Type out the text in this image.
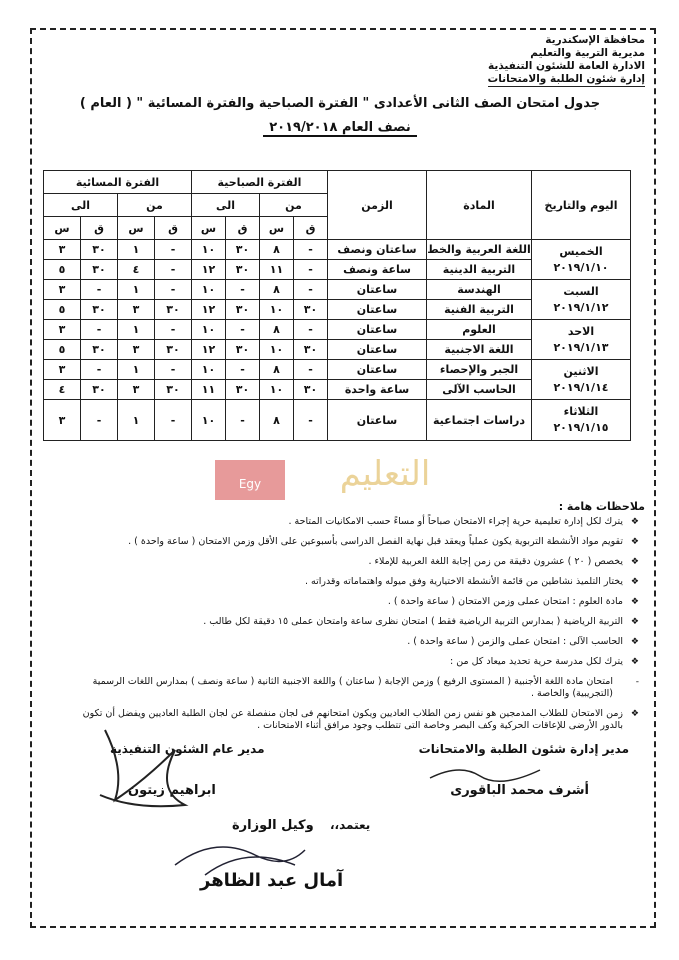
محافظة الإسكندرية
مديرية التربية والتعليم
الادارة العامة للشئون التنفيذية
إدارة شئون الطلبة والامتحانات
جدول امتحان الصف الثانى الأعدادى " الفترة الصباحية والفترة المسائية " ( العام )
نصف العام ٢٠١٩/٢٠١٨
اليوم والتاريخ	المادة	الزمن	الفترة الصباحية				الفترة المسائية			
			من		الى		من		الى	
			ق	س	ق	س	ق	س	ق	س

الخميس
٢٠١٩/١/١٠	اللغة العربية والخط	ساعتان ونصف	-	٨	٣٠	١٠	-	١	٣٠	٣
	التربية الدينية	ساعة ونصف	-	١١	٣٠	١٢	-	٤	٣٠	٥

السبت
٢٠١٩/١/١٢	الهندسة	ساعتان	-	٨	-	١٠	-	١	-	٣
	التربية الفنية	ساعتان	٣٠	١٠	٣٠	١٢	٣٠	٣	٣٠	٥

الاحد
٢٠١٩/١/١٣	العلوم	ساعتان	-	٨	-	١٠	-	١	-	٣
	اللغة الاجنبية	ساعتان	٣٠	١٠	٣٠	١٢	٣٠	٣	٣٠	٥

الاثنين
٢٠١٩/١/١٤	الجبر والإحصاء	ساعتان	-	٨	-	١٠	-	١	-	٣
	الحاسب الآلى	ساعة واحدة	٣٠	١٠	٣٠	١١	٣٠	٣	٣٠	٤

الثلاثاء
٢٠١٩/١/١٥	دراسات اجتماعية	ساعتان	-	٨	-	١٠	-	١	-	٣
Egy التعليم
ملاحظات هامة :
❖
يترك لكل إدارة تعليمية حرية إجراء الامتحان صباحاً أو مساءً حسب الامكانيات المتاحة .
❖
تقويم مواد الأنشطة التربوية يكون عملياً ويعقد قبل نهاية الفصل الدراسى بأسبوعين على الأقل وزمن الامتحان ( ساعة واحدة ) .
❖
يخصص ( ٢٠ ) عشرون دقيقة من زمن إجابة اللغة العربية للإملاء .
❖
يختار التلميذ نشاطين من قائمة الأنشطة الاختيارية وفق ميوله واهتماماته وقدراته .
❖
مادة العلوم : امتحان عملى وزمن الامتحان ( ساعة واحدة ) .
❖
التربية الرياضية ( بمدارس التربية الرياضية فقط ) امتحان نظرى ساعة وامتحان عملى ١٥ دقيقة لكل طالب .
❖
الحاسب الآلى : امتحان عملى والزمن ( ساعة واحدة ) .
❖
يترك لكل مدرسة حرية تحديد ميعاد كل من :
-
امتحان مادة اللغة الأجنبية ( المستوى الرفيع ) وزمن الإجابة ( ساعتان ) واللغة الاجنبية الثانية ( ساعة ونصف ) بمدارس اللغات الرسمية (التجريبية) والخاصة .
❖
زمن الامتحان للطلاب المدمجين هو نفس زمن الطلاب العاديين ويكون امتحانهم فى لجان منفصلة عن لجان الطلبة العاديين ويفضل أن تكون بالدور الأرضى للإعاقات الحركية وكف البصر وخاصة التى تتطلب وجود مرافق أثناء الامتحانات .
مدير عام الشئون التنفيذية
ابراهيم زيتون
مدير إدارة شئون الطلبة والامتحانات
أشرف محمد الباقورى
يعتمد،،
وكيل الوزارة
آمال عبد الظاهر
